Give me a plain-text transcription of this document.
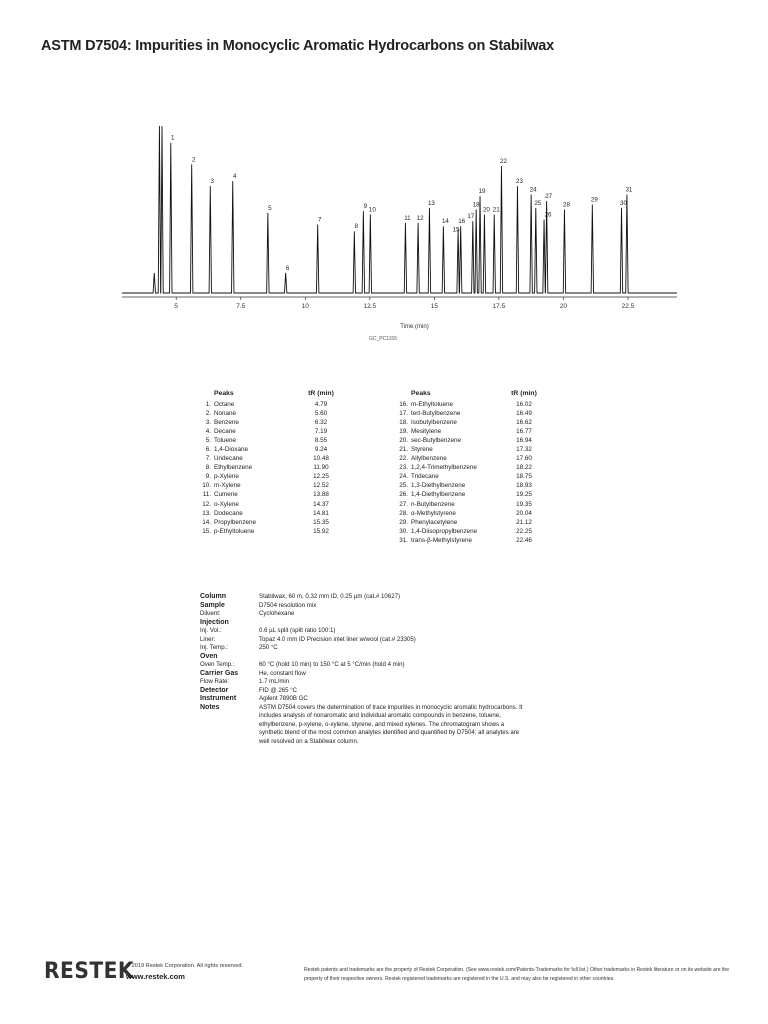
ASTM D7504: Impurities in Monocyclic Aromatic Hydrocarbons on Stabilwax
5	7.5	10	12.5	15	17.5	20	22.5
1
2
3
4
5
6
7
8
9 10
11 12
13
14
15
16
17
18
19
20 21
22
23
24
25
26
27
28
29	30
31
Time (min)
GC_PC1155
	Peaks	tR (min)
1.	Octane	4.79
2.	Nonane	5.60
3.	Benzene	6.32
4.	Decane	7.19
5.	Toluene	8.55
6.	1,4-Dioxane	9.24
7.	Undecane	10.48
8.	Ethylbenzene	11.90
9.	p-Xylene	12.25
10.	m-Xylene	12.52
11.	Cumene	13.88
12.	o-Xylene	14.37
13.	Dodecane	14.81
14.	Propylbenzene	15.35
15.	p-Ethyltoluene	15.92
	Peaks	tR (min)
16.	m-Ethyltoluene	16.02
17.	tert-Butylbenzene	16.49
18.	Isobutylbenzene	16.62
19.	Mesitylene	16.77
20.	sec-Butylbenzene	16.94
21.	Styrene	17.32
22.	Allylbenzene	17.60
23.	1,2,4-Trimethylbenzene	18.22
24.	Tridecane	18.75
25.	1,3-Diethylbenzene	18.93
26.	1,4-Diethylbenzene	19.25
27.	n-Butylbenzene	19.35
28.	α-Methylstyrene	20.04
29.	Phenylacetylene	21.12
30.	1,4-Diisopropylbenzene	22.25
31.	trans-β-Methylstyrene	22.46
Column	Stabilwax, 60 m, 0.32 mm ID, 0.25 µm (cat.# 10627)
Sample	D7504 resolution mix
Diluent:	Cyclohexane
Injection
Inj. Vol.:	0.6 µL split (split ratio 100:1)
Liner:	Topaz 4.0 mm ID Precision inlet liner w/wool (cat.# 23305)
Inj. Temp.:	250 °C
Oven
Oven Temp.:	60 °C (hold 10 min) to 150 °C at 5 °C/min (hold 4 min)
Carrier Gas	He, constant flow
Flow Rate:	1.7 mL/min
Detector	FID @ 265 °C
Instrument	Agilent 7890B GC
Notes	ASTM D7504 covers the determination of trace impurities in monocyclic aromatic hydrocarbons. It includes analysis of nonaromatic and individual aromatic compounds in benzene, toluene, ethylbenzene, p-xylene, o-xylene, styrene, and mixed xylenes. The chromatogram shows a synthetic blend of the most common analytes identified and quantified by D7504; all analytes are well resolved on a Stabilwax column.
RESTEK
© 2019 Restek Corporation. All rights reserved.
www.restek.com
Restek patents and trademarks are the property of Restek Corporation. (See www.restek.com/Patents-Trademarks for full list.) Other trademarks in Restek literature or on its website are the property of their respective owners. Restek registered trademarks are registered in the U.S. and may also be registered in other countries.
